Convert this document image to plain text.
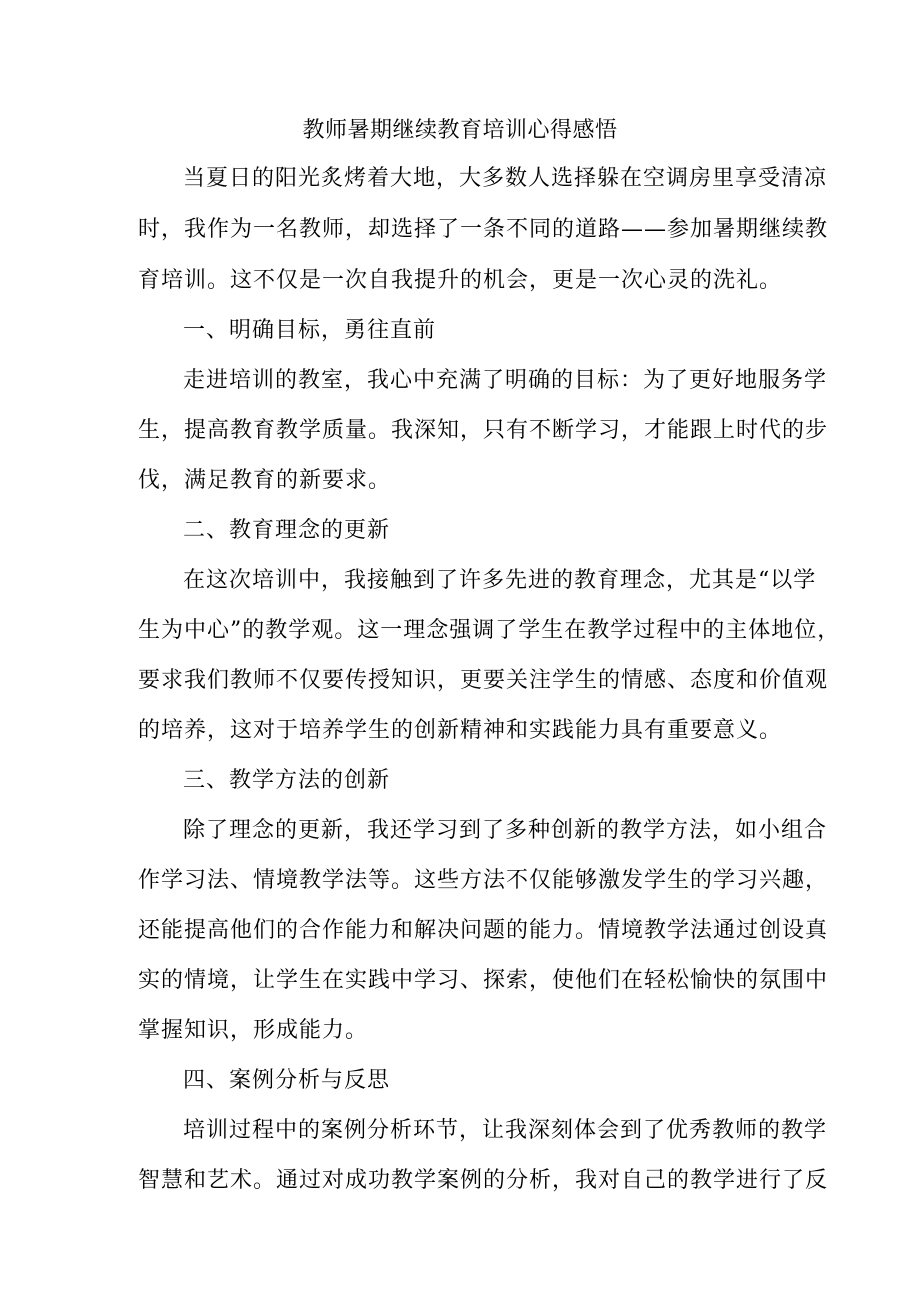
教师暑期继续教育培训心得感悟
当夏日的阳光炙烤着大地，大多数人选择躲在空调房里享受清凉
时，我作为一名教师，却选择了一条不同的道路——参加暑期继续教
育培训。这不仅是一次自我提升的机会，更是一次心灵的洗礼。
一、明确目标，勇往直前
走进培训的教室，我心中充满了明确的目标：为了更好地服务学
生，提高教育教学质量。我深知，只有不断学习，才能跟上时代的步
伐，满足教育的新要求。
二、教育理念的更新
在这次培训中，我接触到了许多先进的教育理念，尤其是“以学
生为中心”的教学观。这一理念强调了学生在教学过程中的主体地位，
要求我们教师不仅要传授知识，更要关注学生的情感、态度和价值观
的培养，这对于培养学生的创新精神和实践能力具有重要意义。
三、教学方法的创新
除了理念的更新，我还学习到了多种创新的教学方法，如小组合
作学习法、情境教学法等。这些方法不仅能够激发学生的学习兴趣，
还能提高他们的合作能力和解决问题的能力。情境教学法通过创设真
实的情境，让学生在实践中学习、探索，使他们在轻松愉快的氛围中
掌握知识，形成能力。
四、案例分析与反思
培训过程中的案例分析环节，让我深刻体会到了优秀教师的教学
智慧和艺术。通过对成功教学案例的分析，我对自己的教学进行了反
